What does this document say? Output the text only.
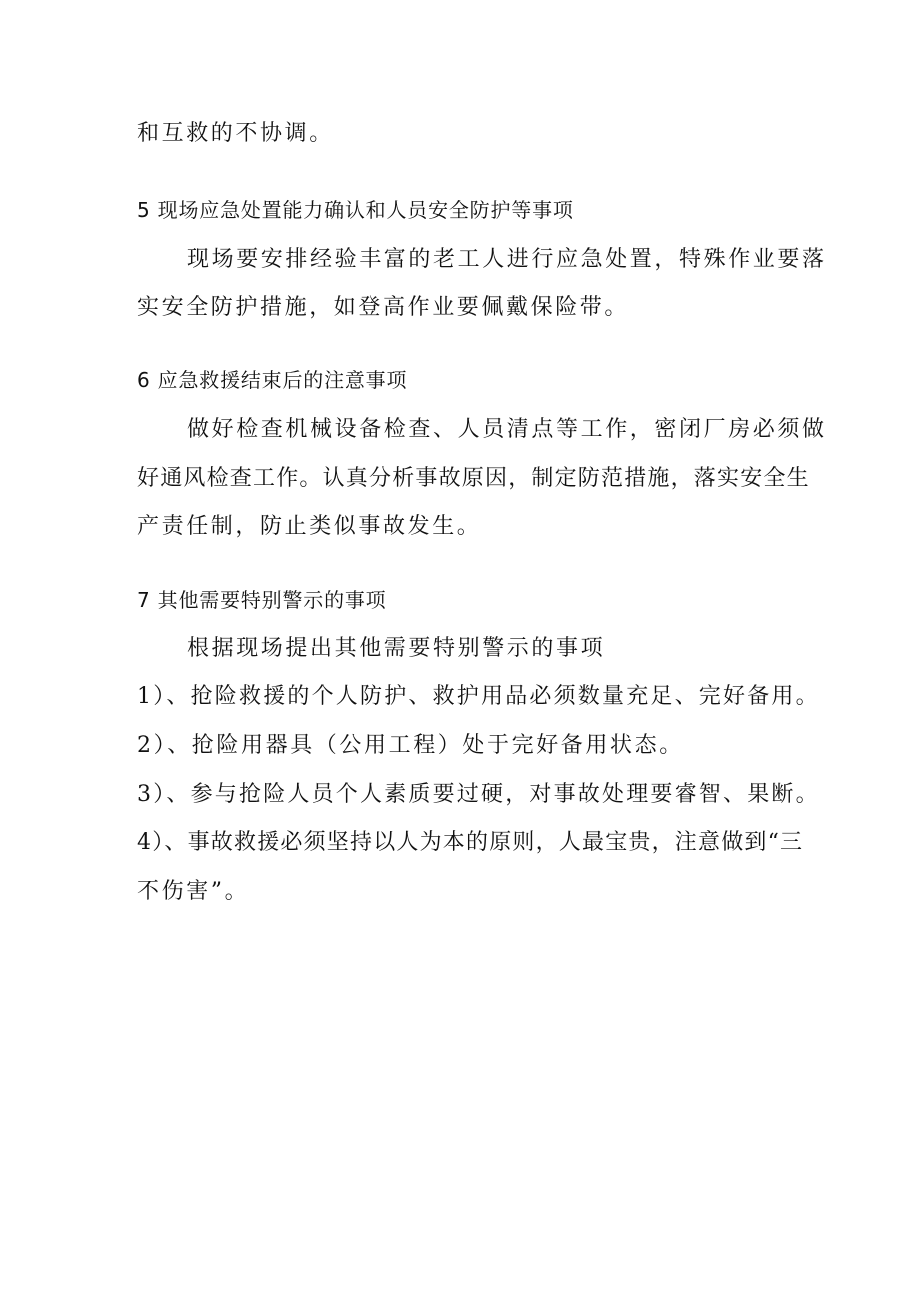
和互救的不协调。
5 现场应急处置能力确认和人员安全防护等事项
现场要安排经验丰富的老工人进行应急处置，特殊作业要落
实安全防护措施，如登高作业要佩戴保险带。
6 应急救援结束后的注意事项
做好检查机械设备检查、人员清点等工作，密闭厂房必须做
好通风检查工作。认真分析事故原因，制定防范措施，落实安全生
产责任制，防止类似事故发生。
7 其他需要特别警示的事项
根据现场提出其他需要特别警示的事项
1）、抢险救援的个人防护、救护用品必须数量充足、完好备用。
2）、抢险用器具（公用工程）处于完好备用状态。
3）、参与抢险人员个人素质要过硬，对事故处理要睿智、果断。
4）、事故救援必须坚持以人为本的原则，人最宝贵，注意做到“三
不伤害”。
